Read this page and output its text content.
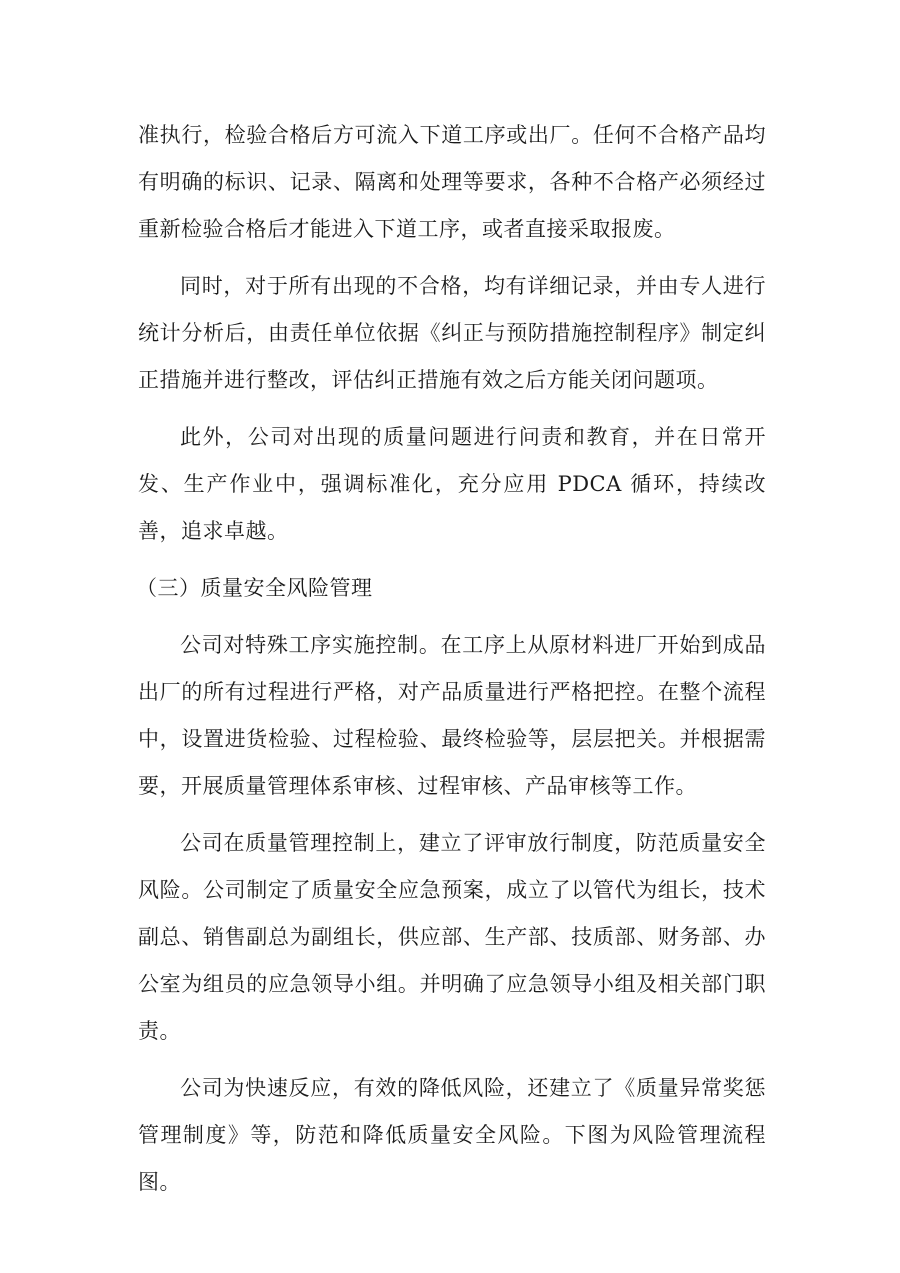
准执行，检验合格后方可流入下道工序或出厂。任何不合格产品均有明确的标识、记录、隔离和处理等要求，各种不合格产必须经过重新检验合格后才能进入下道工序，或者直接采取报废。

同时，对于所有出现的不合格，均有详细记录，并由专人进行统计分析后，由责任单位依据《纠正与预防措施控制程序》制定纠正措施并进行整改，评估纠正措施有效之后方能关闭问题项。

此外，公司对出现的质量问题进行问责和教育，并在日常开发、生产作业中，强调标准化，充分应用 PDCA 循环，持续改善，追求卓越。

（三）质量安全风险管理

公司对特殊工序实施控制。在工序上从原材料进厂开始到成品出厂的所有过程进行严格，对产品质量进行严格把控。在整个流程中，设置进货检验、过程检验、最终检验等，层层把关。并根据需要，开展质量管理体系审核、过程审核、产品审核等工作。

公司在质量管理控制上，建立了评审放行制度，防范质量安全风险。公司制定了质量安全应急预案，成立了以管代为组长，技术副总、销售副总为副组长，供应部、生产部、技质部、财务部、办公室为组员的应急领导小组。并明确了应急领导小组及相关部门职责。

公司为快速反应，有效的降低风险，还建立了《质量异常奖惩管理制度》等，防范和降低质量安全风险。下图为风险管理流程图。
